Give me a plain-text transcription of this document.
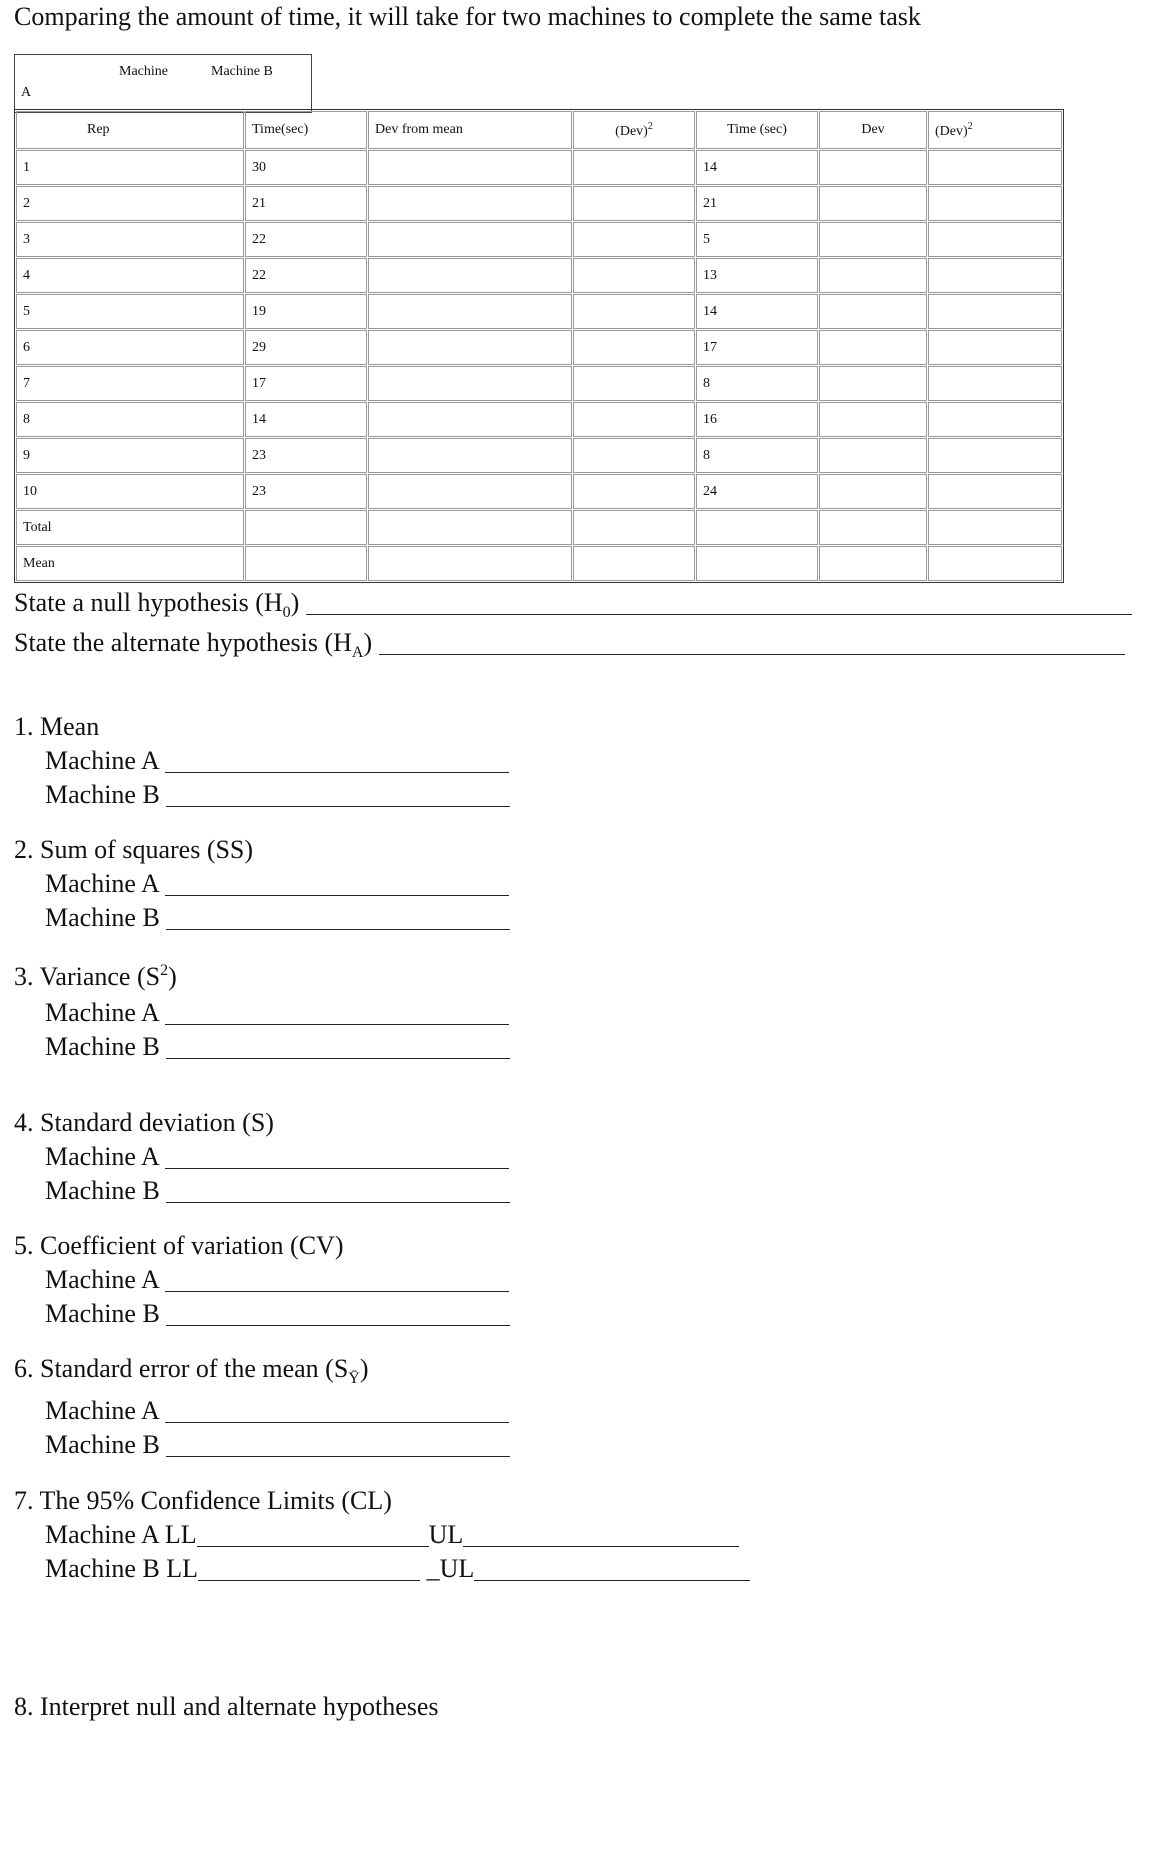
Comparing the amount of time, it will take for two machines to complete the same task
A
Machine	Machine B
Rep	Time(sec)	Dev from mean	(Dev)$^2$	Time (sec)	Dev	(Dev)$^2$
1	30			14		
2	21			21		
3	22			5		
4	22			13		
5	19			14		
6	29			17		
7	17			8		
8	14			16		
9	23			8		
10	23			24		
Total						
Mean						
State a null hypothesis $(H_0)$
State the alternate hypothesis $(H_A)$
1. Mean
Machine A
Machine B
2. Sum of squares (SS)
Machine A
Machine B
3. Variance $(S^2)$
Machine A
Machine B
4. Standard deviation (S)
Machine A
Machine B
5. Coefficient of variation (CV)
Machine A
Machine B
6. Standard error of the mean $(S_Ȳ)$
Machine A
Machine B
7. The 95% Confidence Limits (CL)
Machine A LL	UL
Machine B LL	_UL
8. Interpret null and alternate hypotheses
